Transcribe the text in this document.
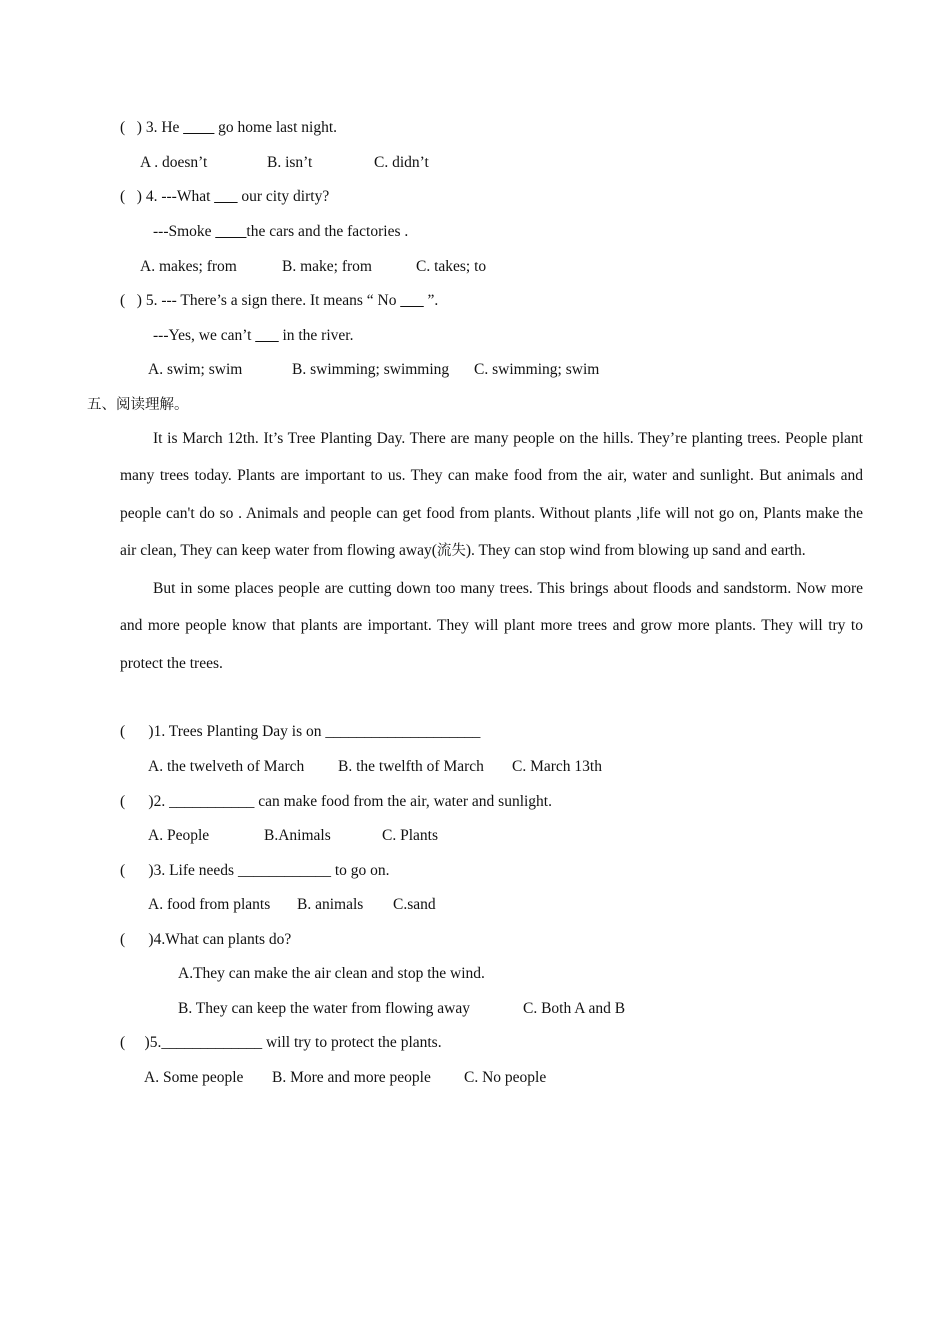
( ) 3. He ____ go home last night.
A . doesn’t	B. isn’t	C. didn’t
( ) 4. ---What ___ our city dirty?
---Smoke ____the cars and the factories .
A. makes; from	B. make; from	C. takes; to
( ) 5. --- There’s a sign there. It means “ No ___ ”.
---Yes, we can’t ___ in the river.
A. swim; swim	B. swimming; swimming C. swimming; swim
五、阅读理解。

It is March 12th. It’s Tree Planting Day. There are many people on the hills. They’re planting trees. People plant many trees today. Plants are important to us. They can make food from the air, water and sunlight. But animals and people can't do so . Animals and people can get food from plants. Without plants ,life will not go on, Plants make the air clean, They can keep water from flowing away(流失). They can stop wind from blowing up sand and earth.

But in some places people are cutting down too many trees. This brings about floods and sandstorm. Now more and more people know that plants are important. They will plant more trees and grow more plants. They will try to protect the trees.

( )1. Trees Planting Day is on ____________________
A. the twelveth of March B. the twelfth of March C. March 13th
( )2. ___________ can make food from the air, water and sunlight.
A. People	B.Animals	C. Plants
( )3. Life needs ____________ to go on.
A. food from plants B. animals C.sand
( )4.What can plants do?
A.They can make the air clean and stop the wind.
B. They can keep the water from flowing away	C. Both A and B
( )5._____________ will try to protect the plants.
A. Some people B. More and more people C. No people
